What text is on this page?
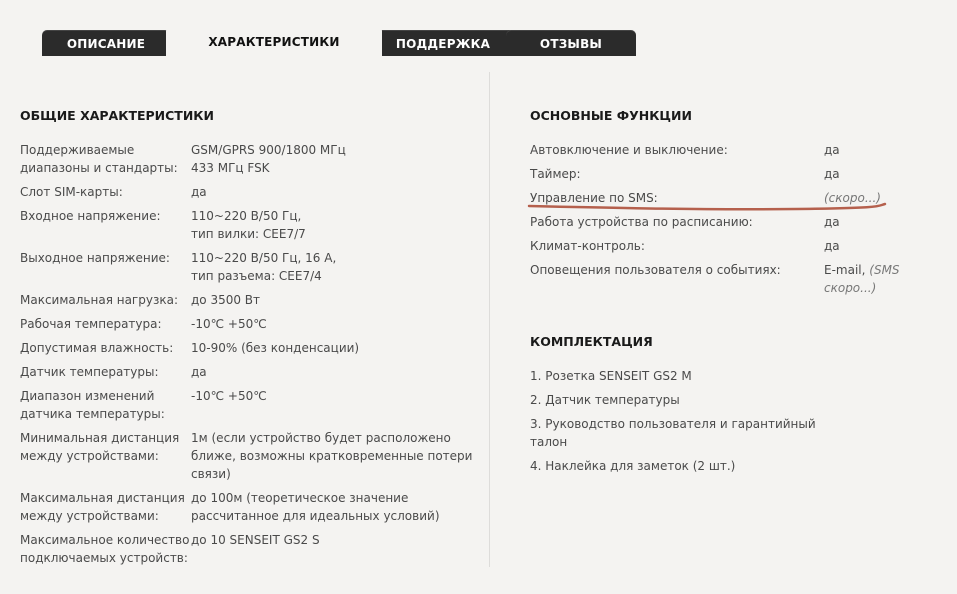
ОПИСАНИЕ	ПОДДЕРЖКА	ОТЗЫВЫ
ХАРАКТЕРИСТИКИ
ОБЩИЕ ХАРАКТЕРИСТИКИ
Поддерживаемые
диапазоны и стандарты:
GSM/GPRS 900/1800 МГц
433 МГц FSK
Слот SIM-карты:	да
Входное напряжение:	110~220 В/50 Гц,
тип вилки: CEE7/7
Выходное напряжение: 110~220 В/50 Гц, 16 А,
тип разъема: CEE7/4
Максимальная нагрузка: до 3500 Вт
Рабочая температура: -10℃ +50℃
Допустимая влажность: 10-90% (без конденсации)
Датчик температуры:	да
Диапазон изменений
датчика температуры:
-10℃ +50℃
Минимальная дистанция
между устройствами:
1м (если устройство будет расположено
ближе, возможны кратковременные потери
связи)
Максимальная дистанция
между устройствами:
до 100м (теоретическое значение
рассчитанное для идеальных условий)
Максимальное количество
подключаемых устройств:
до 10 SENSEIT GS2 S
ОСНОВНЫЕ ФУНКЦИИ
Автовключение и выключение:	да
Таймер:	да
Управление по SMS:	(скоро...)
Работа устройства по расписанию:	да
Климат-контроль:	да
Оповещения пользователя о событиях:	E-mail, (SMS
скоро...)
КОМПЛЕКТАЦИЯ
1. Розетка SENSEIT GS2 M
2. Датчик температуры
3. Руководство пользователя и гарантийный
талон
4. Наклейка для заметок (2 шт.)
